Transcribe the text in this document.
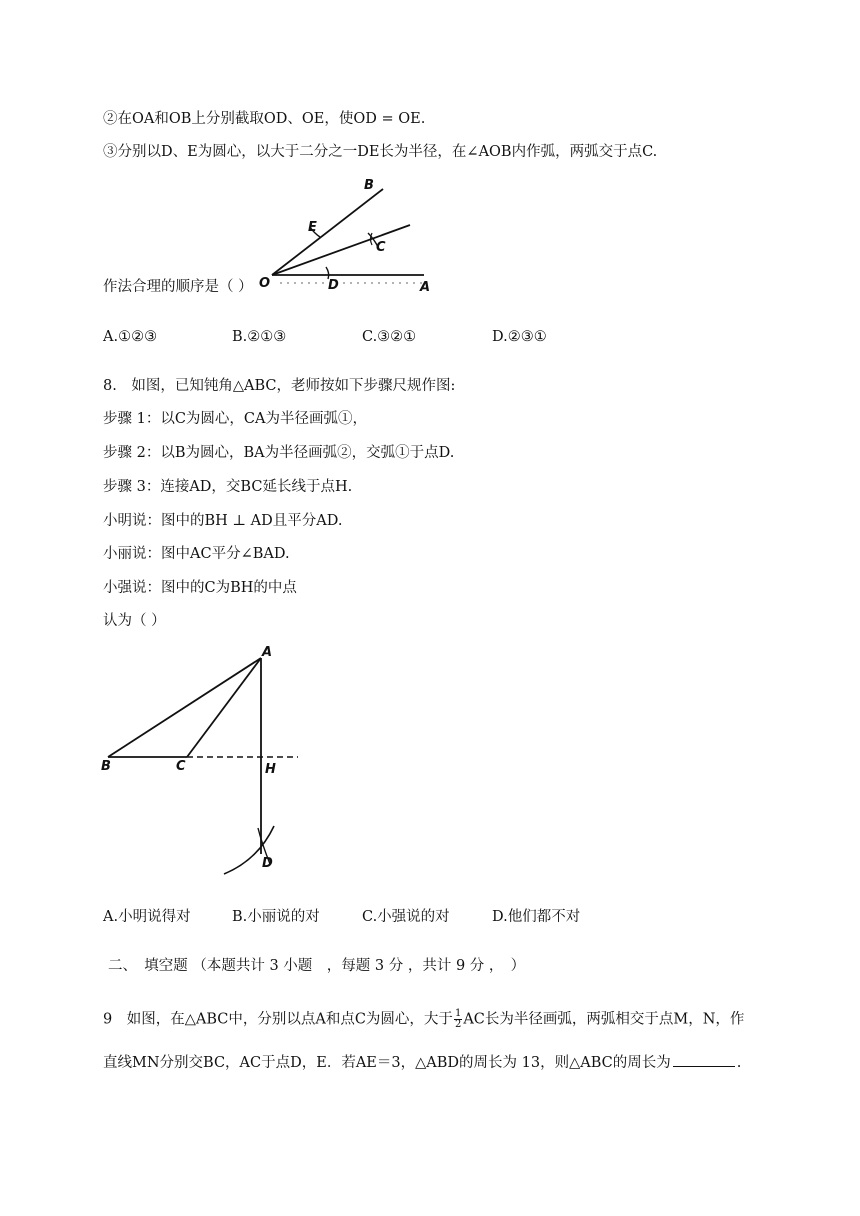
②在OA和OB上分别截取OD、OE，使OD = OE.
③分别以D、E为圆心，以大于二分之一DE长为半径，在∠AOB内作弧，两弧交于点C.
B
E
C
O	D	A
作法合理的顺序是（ ）
A.①②③	B.②①③	C.③②①	D.②③①
8.　如图，已知钝角△ABC，老师按如下步骤尺规作图:
步骤 1：以C为圆心，CA为半径画弧①，
步骤 2：以B为圆心，BA为半径画弧②，交弧①于点D.
步骤 3：连接AD，交BC延长线于点H.
小明说：图中的BH ⊥ AD且平分AD.
小丽说：图中AC平分∠BAD.
小强说：图中的C为BH的中点
认为（ ）
A
B	C	H
D
A.小明说得对	B.小丽说的对	C.小强说的对	D.他们都不对
二、　填空题 （本题共计 3 小题　，每题 3 分 ，共计 9 分 ，　）
9　如图，在△ABC中，分别以点A和点C为圆心，大于 $\frac{1}{2}$ AC长为半径画弧，两弧相交于点M，N，作
直线MN分别交BC，AC于点D，E．若AE＝3，△ABD的周长为 13，则△ABC的周长为	.
